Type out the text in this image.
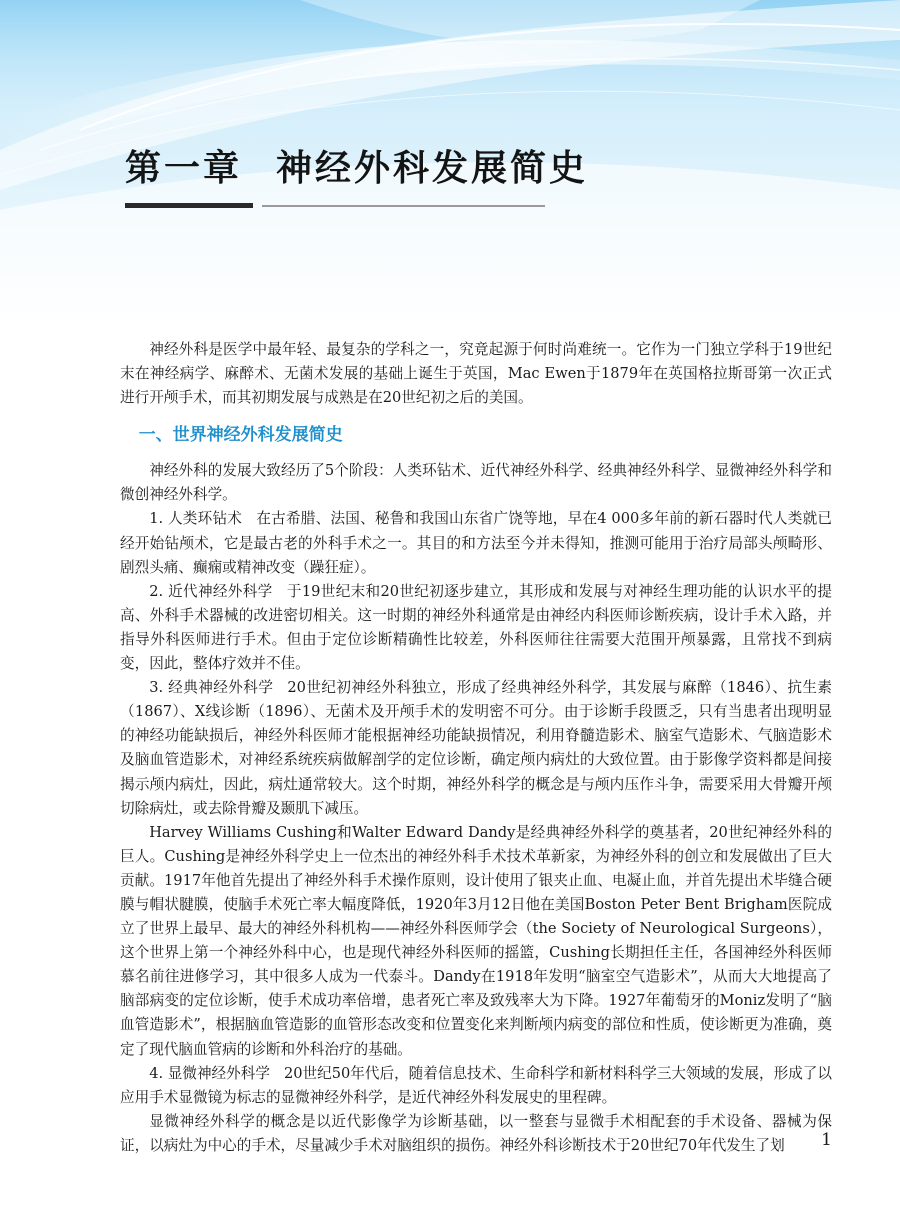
第一章 神经外科发展简史

神经外科是医学中最年轻、最复杂的学科之一，究竟起源于何时尚难统一。它作为一门独立学科于19世纪末在神经病学、麻醉术、无菌术发展的基础上诞生于英国，Mac Ewen于1879年在英国格拉斯哥第一次正式进行开颅手术，而其初期发展与成熟是在20世纪初之后的美国。

一、世界神经外科发展简史

神经外科的发展大致经历了5个阶段：人类环钻术、近代神经外科学、经典神经外科学、显微神经外科学和微创神经外科学。

1. 人类环钻术 在古希腊、法国、秘鲁和我国山东省广饶等地，早在4 000多年前的新石器时代人类就已经开始钻颅术，它是最古老的外科手术之一。其目的和方法至今并未得知，推测可能用于治疗局部头颅畸形、剧烈头痛、癫痫或精神改变（躁狂症）。

2. 近代神经外科学 于19世纪末和20世纪初逐步建立，其形成和发展与对神经生理功能的认识水平的提高、外科手术器械的改进密切相关。这一时期的神经外科通常是由神经内科医师诊断疾病，设计手术入路，并指导外科医师进行手术。但由于定位诊断精确性比较差，外科医师往往需要大范围开颅暴露，且常找不到病变，因此，整体疗效并不佳。

3. 经典神经外科学 20世纪初神经外科独立，形成了经典神经外科学，其发展与麻醉（1846）、抗生素（1867）、X线诊断（1896）、无菌术及开颅手术的发明密不可分。由于诊断手段匮乏，只有当患者出现明显的神经功能缺损后，神经外科医师才能根据神经功能缺损情况，利用脊髓造影术、脑室气造影术、气脑造影术及脑血管造影术，对神经系统疾病做解剖学的定位诊断，确定颅内病灶的大致位置。由于影像学资料都是间接揭示颅内病灶，因此，病灶通常较大。这个时期，神经外科学的概念是与颅内压作斗争，需要采用大骨瓣开颅切除病灶，或去除骨瓣及颞肌下减压。

Harvey Williams Cushing和Walter Edward Dandy是经典神经外科学的奠基者，20世纪神经外科的巨人。Cushing是神经外科学史上一位杰出的神经外科手术技术革新家，为神经外科的创立和发展做出了巨大贡献。1917年他首先提出了神经外科手术操作原则，设计使用了银夹止血、电凝止血，并首先提出术毕缝合硬膜与帽状腱膜，使脑手术死亡率大幅度降低，1920年3月12日他在美国Boston Peter Bent Brigham医院成立了世界上最早、最大的神经外科机构——神经外科医师学会（the Society of Neurological Surgeons），这个世界上第一个神经外科中心，也是现代神经外科医师的摇篮，Cushing长期担任主任，各国神经外科医师慕名前往进修学习，其中很多人成为一代泰斗。Dandy在1918年发明“脑室空气造影术”，从而大大地提高了脑部病变的定位诊断，使手术成功率倍增，患者死亡率及致残率大为下降。1927年葡萄牙的Moniz发明了“脑血管造影术”，根据脑血管造影的血管形态改变和位置变化来判断颅内病变的部位和性质，使诊断更为准确，奠定了现代脑血管病的诊断和外科治疗的基础。

4. 显微神经外科学 20世纪50年代后，随着信息技术、生命科学和新材料科学三大领域的发展，形成了以应用手术显微镜为标志的显微神经外科学，是近代神经外科发展史的里程碑。

显微神经外科学的概念是以近代影像学为诊断基础，以一整套与显微手术相配套的手术设备、器械为保证，以病灶为中心的手术，尽量减少手术对脑组织的损伤。神经外科诊断技术于20世纪70年代发生了划	1
